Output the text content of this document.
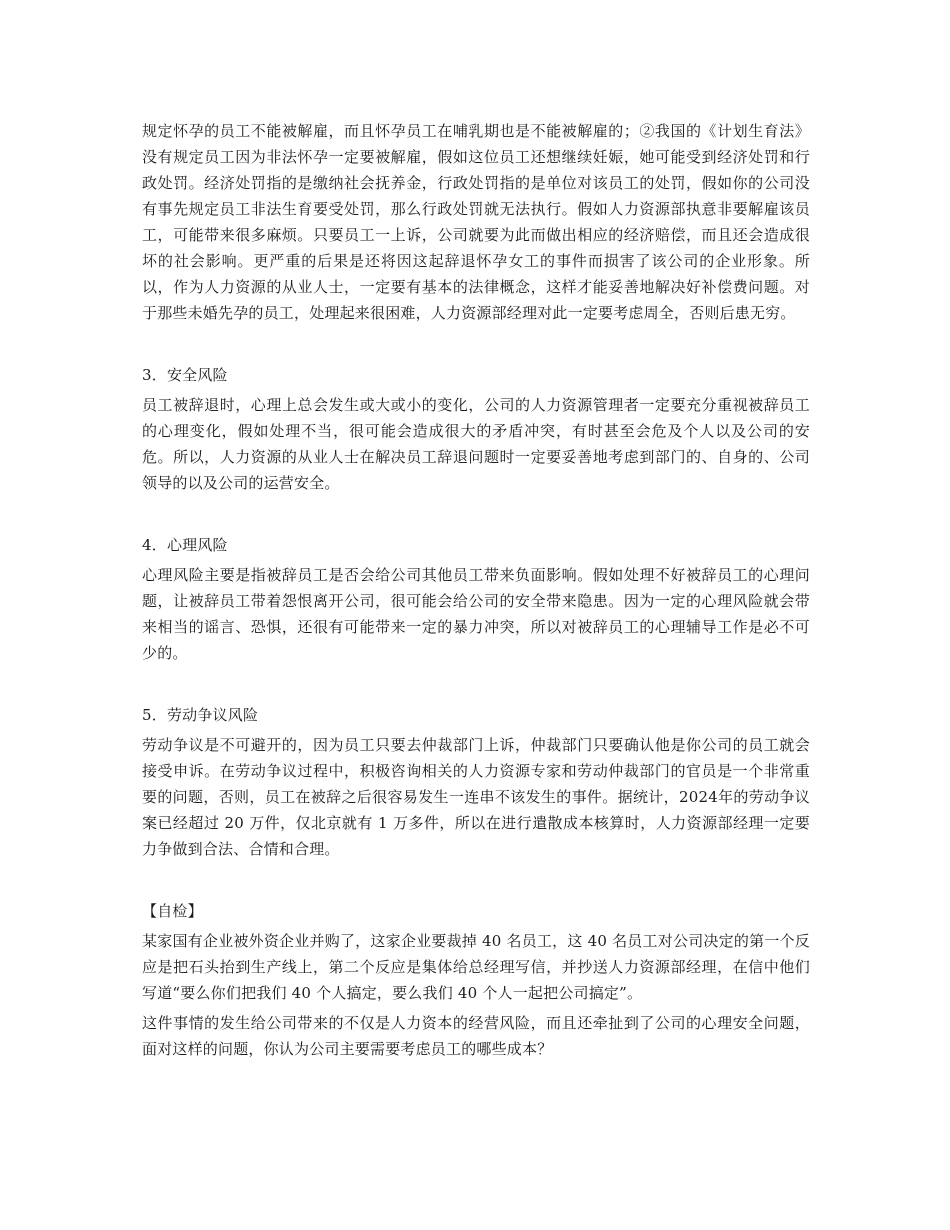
规定怀孕的员工不能被解雇，而且怀孕员工在哺乳期也是不能被解雇的；②我国的《计划生育法》没有规定员工因为非法怀孕一定要被解雇，假如这位员工还想继续妊娠，她可能受到经济处罚和行政处罚。经济处罚指的是缴纳社会抚养金，行政处罚指的是单位对该员工的处罚，假如你的公司没有事先规定员工非法生育要受处罚，那么行政处罚就无法执行。假如人力资源部执意非要解雇该员工，可能带来很多麻烦。只要员工一上诉，公司就要为此而做出相应的经济赔偿，而且还会造成很坏的社会影响。更严重的后果是还将因这起辞退怀孕女工的事件而损害了该公司的企业形象。所以，作为人力资源的从业人士，一定要有基本的法律概念，这样才能妥善地解决好补偿费问题。对于那些未婚先孕的员工，处理起来很困难，人力资源部经理对此一定要考虑周全，否则后患无穷。

3．安全风险

员工被辞退时，心理上总会发生或大或小的变化，公司的人力资源管理者一定要充分重视被辞员工的心理变化，假如处理不当，很可能会造成很大的矛盾冲突，有时甚至会危及个人以及公司的安危。所以，人力资源的从业人士在解决员工辞退问题时一定要妥善地考虑到部门的、自身的、公司领导的以及公司的运营安全。

4．心理风险

心理风险主要是指被辞员工是否会给公司其他员工带来负面影响。假如处理不好被辞员工的心理问题，让被辞员工带着怨恨离开公司，很可能会给公司的安全带来隐患。因为一定的心理风险就会带来相当的谣言、恐惧，还很有可能带来一定的暴力冲突，所以对被辞员工的心理辅导工作是必不可少的。

5．劳动争议风险

劳动争议是不可避开的，因为员工只要去仲裁部门上诉，仲裁部门只要确认他是你公司的员工就会接受申诉。在劳动争议过程中，积极咨询相关的人力资源专家和劳动仲裁部门的官员是一个非常重要的问题，否则，员工在被辞之后很容易发生一连串不该发生的事件。据统计，2024年的劳动争议案已经超过 20 万件，仅北京就有 1 万多件，所以在进行遣散成本核算时，人力资源部经理一定要力争做到合法、合情和合理。

【自检】

某家国有企业被外资企业并购了，这家企业要裁掉 40 名员工，这 40 名员工对公司决定的第一个反应是把石头抬到生产线上，第二个反应是集体给总经理写信，并抄送人力资源部经理，在信中他们写道“要么你们把我们 40 个人搞定，要么我们 40 个人一起把公司搞定”。

这件事情的发生给公司带来的不仅是人力资本的经营风险，而且还牵扯到了公司的心理安全问题，面对这样的问题，你认为公司主要需要考虑员工的哪些成本？
